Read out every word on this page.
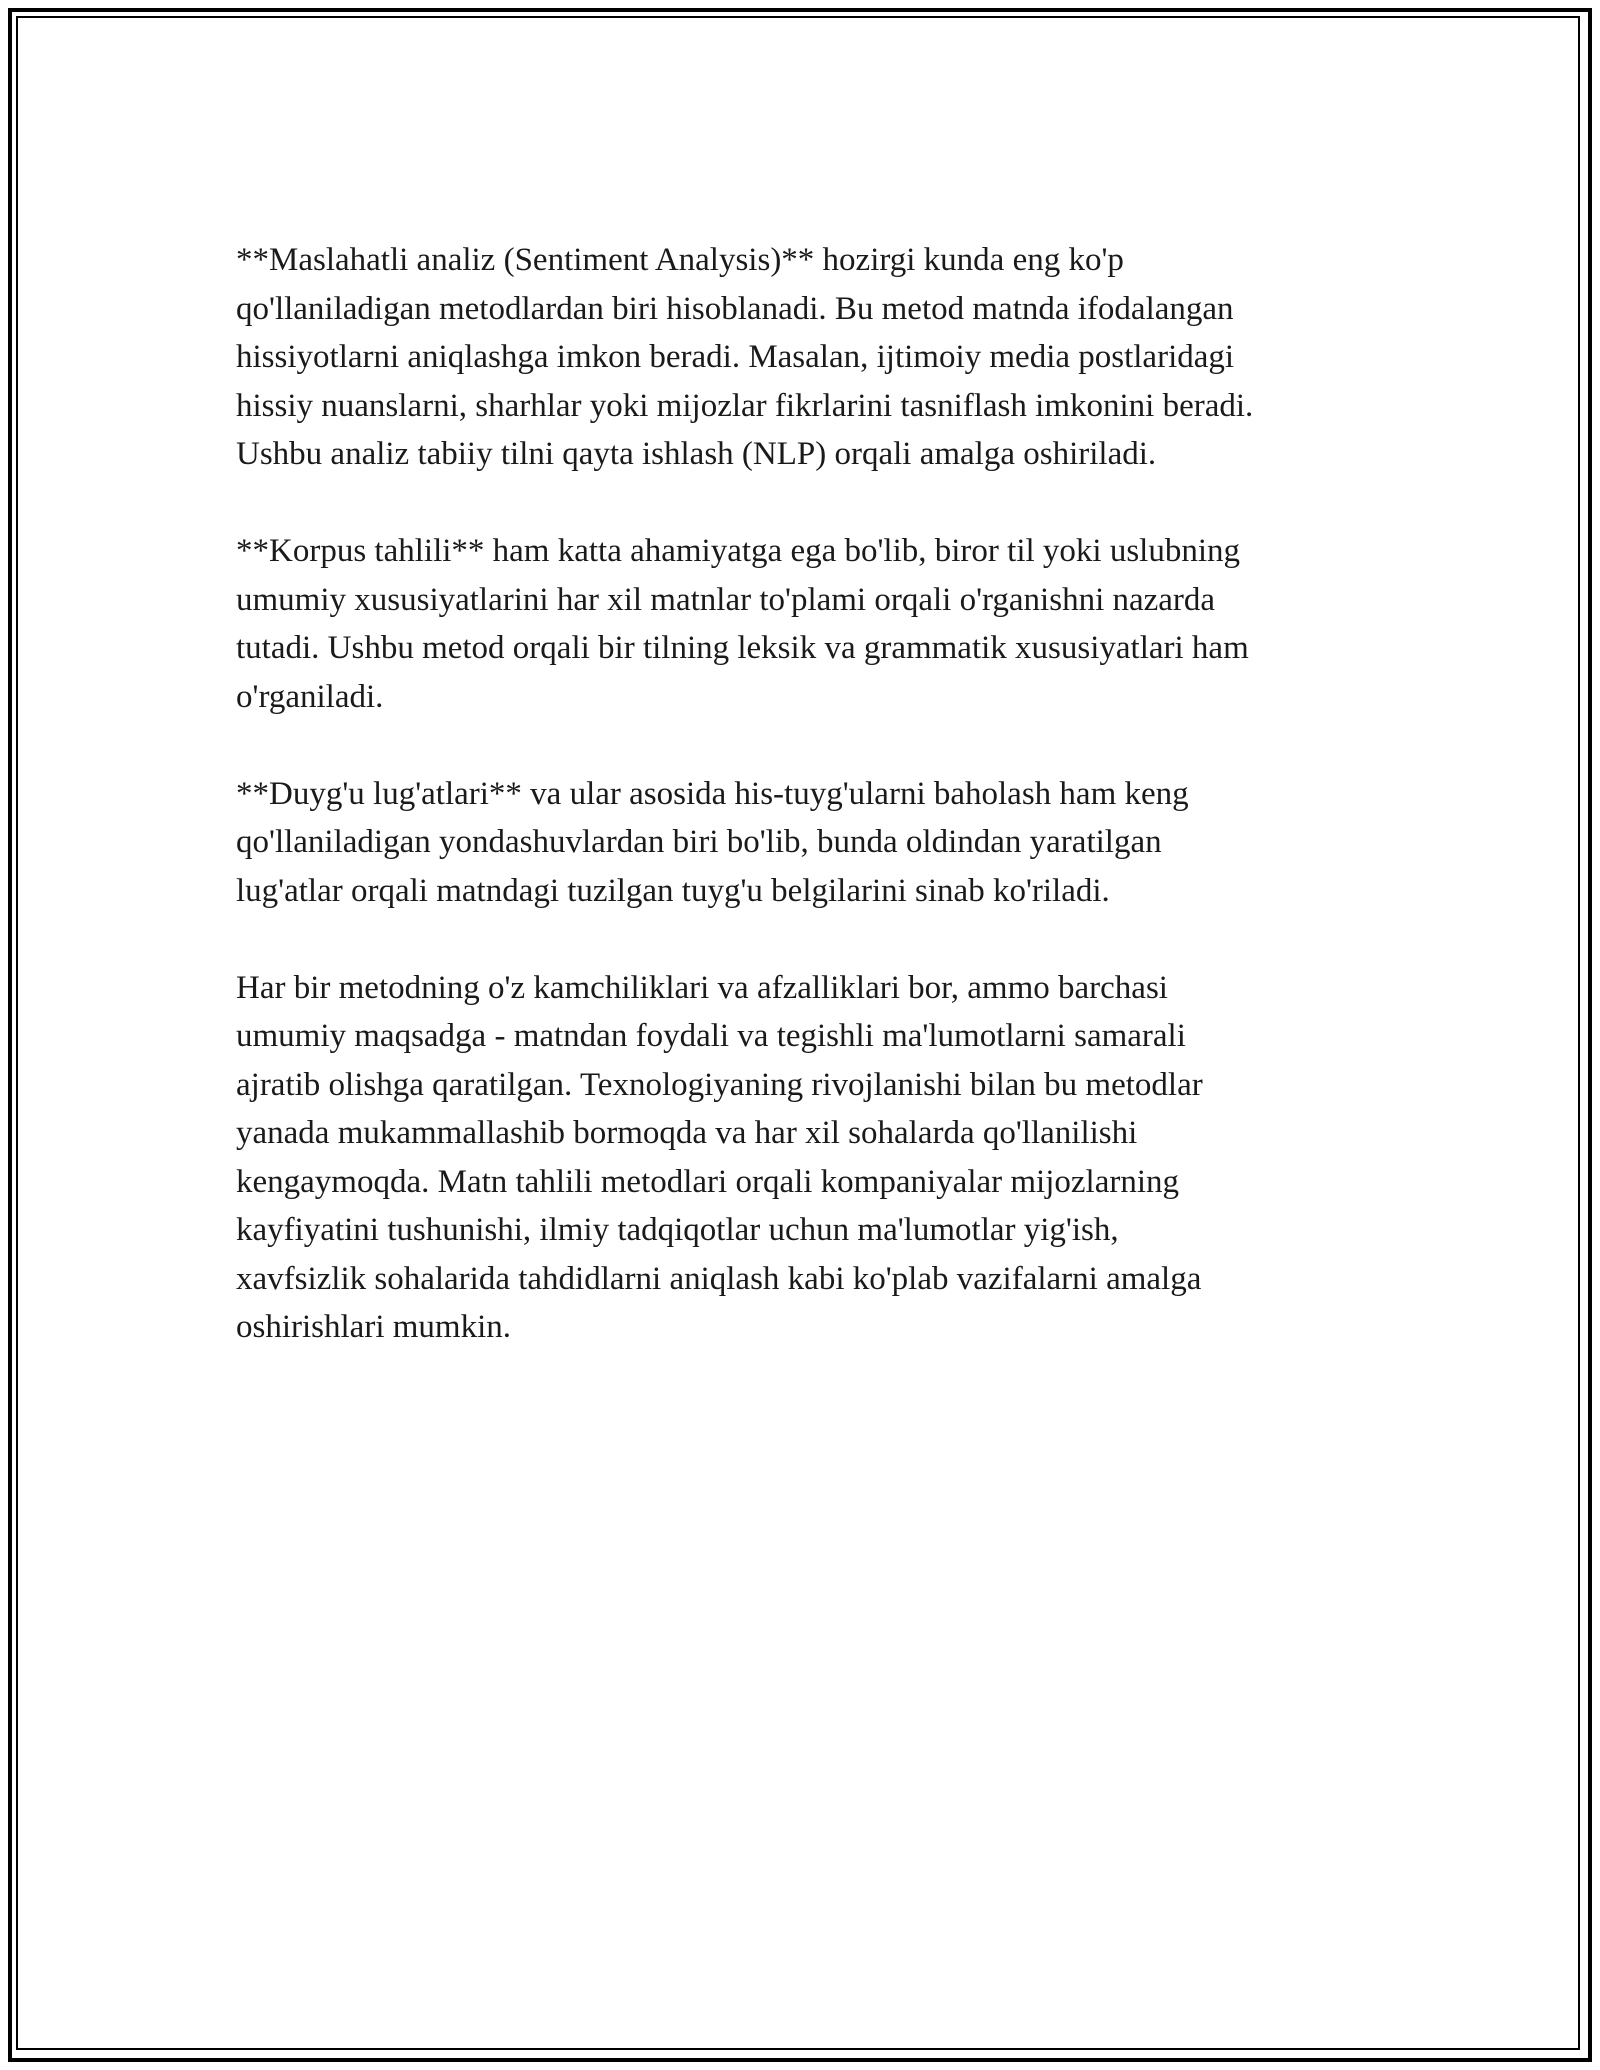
**Maslahatli analiz (Sentiment Analysis)** hozirgi kunda eng ko'p
qo'llaniladigan metodlardan biri hisoblanadi. Bu metod matnda ifodalangan
hissiyotlarni aniqlashga imkon beradi. Masalan, ijtimoiy media postlaridagi
hissiy nuanslarni, sharhlar yoki mijozlar fikrlarini tasniflash imkonini beradi.
Ushbu analiz tabiiy tilni qayta ishlash (NLP) orqali amalga oshiriladi.

**Korpus tahlili** ham katta ahamiyatga ega bo'lib, biror til yoki uslubning
umumiy xususiyatlarini har xil matnlar to'plami orqali o'rganishni nazarda
tutadi. Ushbu metod orqali bir tilning leksik va grammatik xususiyatlari ham
o'rganiladi.

**Duyg'u lug'atlari** va ular asosida his-tuyg'ularni baholash ham keng
qo'llaniladigan yondashuvlardan biri bo'lib, bunda oldindan yaratilgan
lug'atlar orqali matndagi tuzilgan tuyg'u belgilarini sinab ko'riladi.

Har bir metodning o'z kamchiliklari va afzalliklari bor, ammo barchasi
umumiy maqsadga - matndan foydali va tegishli ma'lumotlarni samarali
ajratib olishga qaratilgan. Texnologiyaning rivojlanishi bilan bu metodlar
yanada mukammallashib bormoqda va har xil sohalarda qo'llanilishi
kengaymoqda. Matn tahlili metodlari orqali kompaniyalar mijozlarning
kayfiyatini tushunishi, ilmiy tadqiqotlar uchun ma'lumotlar yig'ish,
xavfsizlik sohalarida tahdidlarni aniqlash kabi ko'plab vazifalarni amalga
oshirishlari mumkin.
